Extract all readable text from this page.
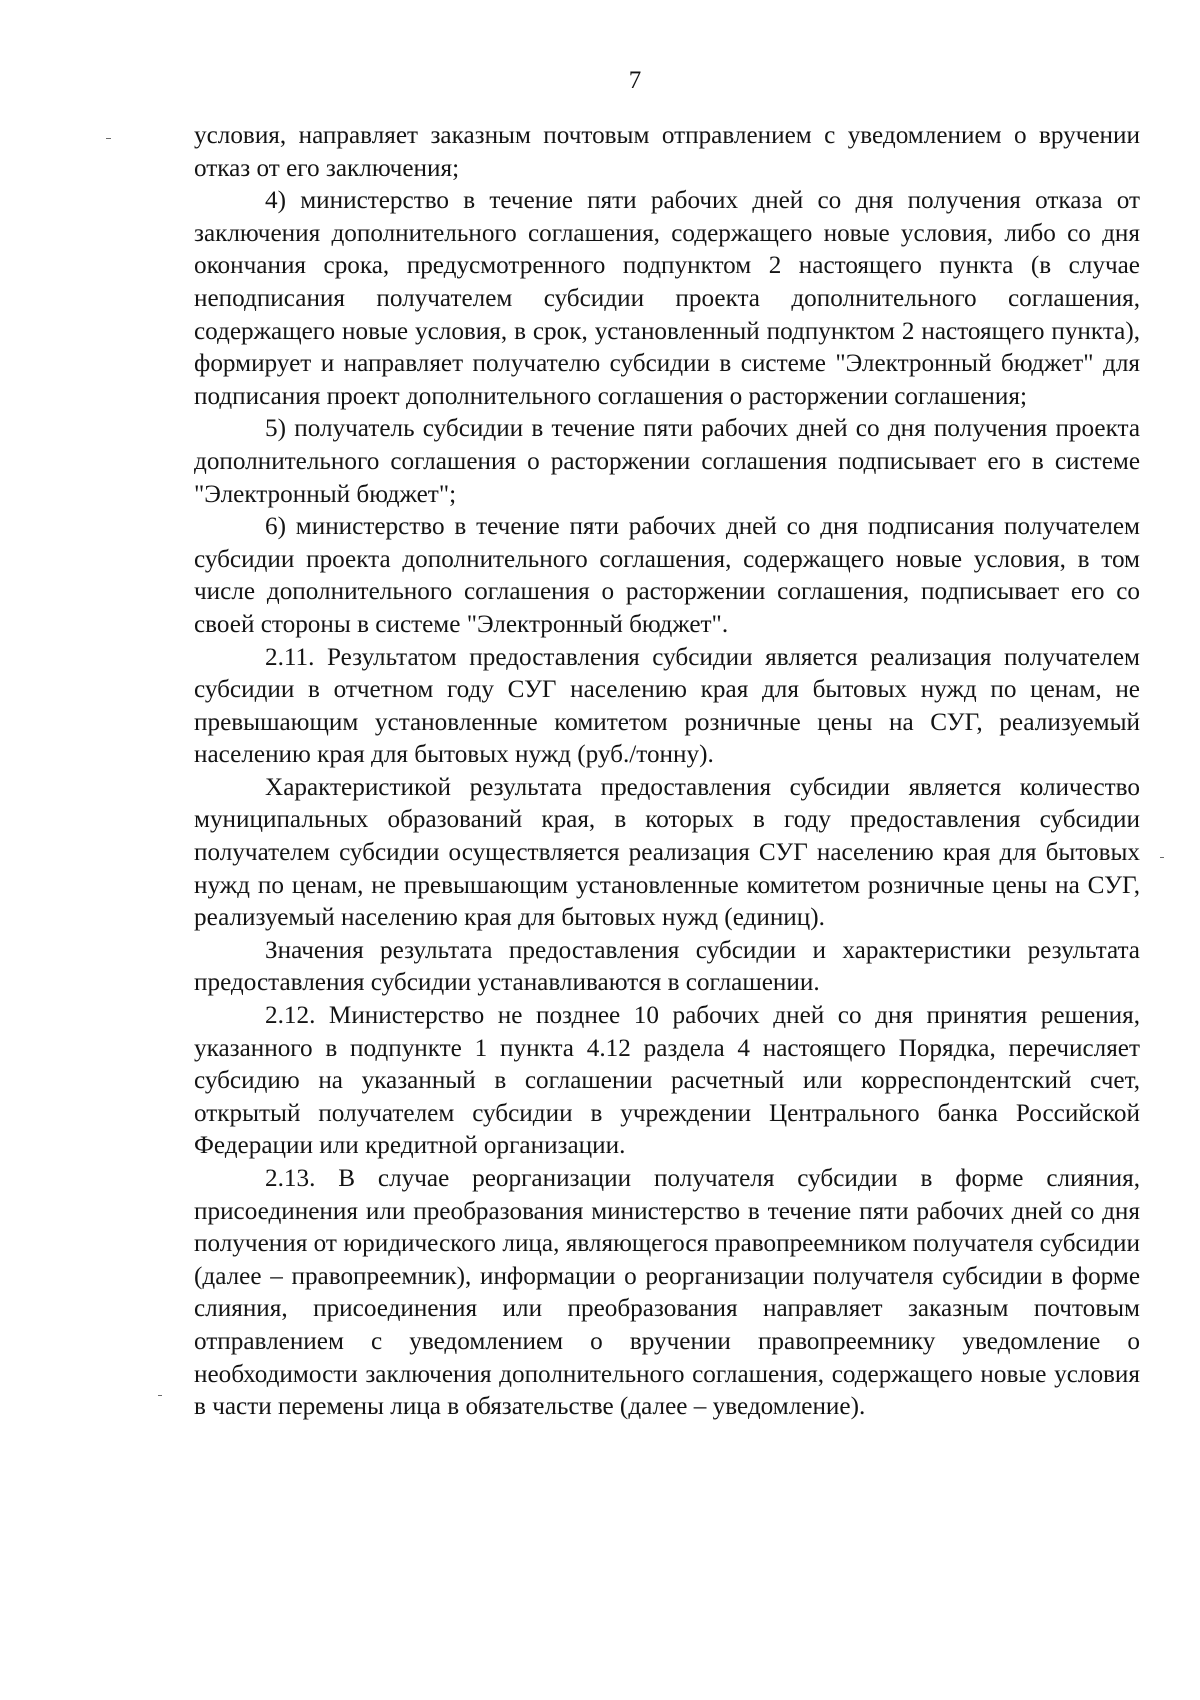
7

условия, направляет заказным почтовым отправлением с уведомлением о вручении отказ от его заключения;

4) министерство в течение пяти рабочих дней со дня получения отказа от заключения дополнительного соглашения, содержащего новые условия, либо со дня окончания срока, предусмотренного подпунктом 2 настоящего пункта (в случае неподписания получателем субсидии проекта дополнительного соглашения, содержащего новые условия, в срок, установленный подпунктом 2 настоящего пункта), формирует и направляет получателю субсидии в системе "Электронный бюджет" для подписания проект дополнительного соглашения о расторжении соглашения;

5) получатель субсидии в течение пяти рабочих дней со дня получения проекта дополнительного соглашения о расторжении соглашения подписывает его в системе "Электронный бюджет";

6) министерство в течение пяти рабочих дней со дня подписания получателем субсидии проекта дополнительного соглашения, содержащего новые условия, в том числе дополнительного соглашения о расторжении соглашения, подписывает его со своей стороны в системе "Электронный бюджет".

2.11. Результатом предоставления субсидии является реализация получателем субсидии в отчетном году СУГ населению края для бытовых нужд по ценам, не превышающим установленные комитетом розничные цены на СУГ, реализуемый населению края для бытовых нужд (руб./тонну).

Характеристикой результата предоставления субсидии является количество муниципальных образований края, в которых в году предоставления субсидии получателем субсидии осуществляется реализация СУГ населению края для бытовых нужд по ценам, не превышающим установленные комитетом розничные цены на СУГ, реализуемый населению края для бытовых нужд (единиц).

Значения результата предоставления субсидии и характеристики результата предоставления субсидии устанавливаются в соглашении.

2.12. Министерство не позднее 10 рабочих дней со дня принятия решения, указанного в подпункте 1 пункта 4.12 раздела 4 настоящего Порядка, перечисляет субсидию на указанный в соглашении расчетный или корреспондентский счет, открытый получателем субсидии в учреждении Центрального банка Российской Федерации или кредитной организации.

2.13. В случае реорганизации получателя субсидии в форме слияния, присоединения или преобразования министерство в течение пяти рабочих дней со дня получения от юридического лица, являющегося правопреемником получателя субсидии (далее – правопреемник), информации о реорганизации получателя субсидии в форме слияния, присоединения или преобразования направляет заказным почтовым отправлением с уведомлением о вручении правопреемнику уведомление о необходимости заключения дополнительного соглашения, содержащего новые условия в части перемены лица в обязательстве (далее – уведомление).
